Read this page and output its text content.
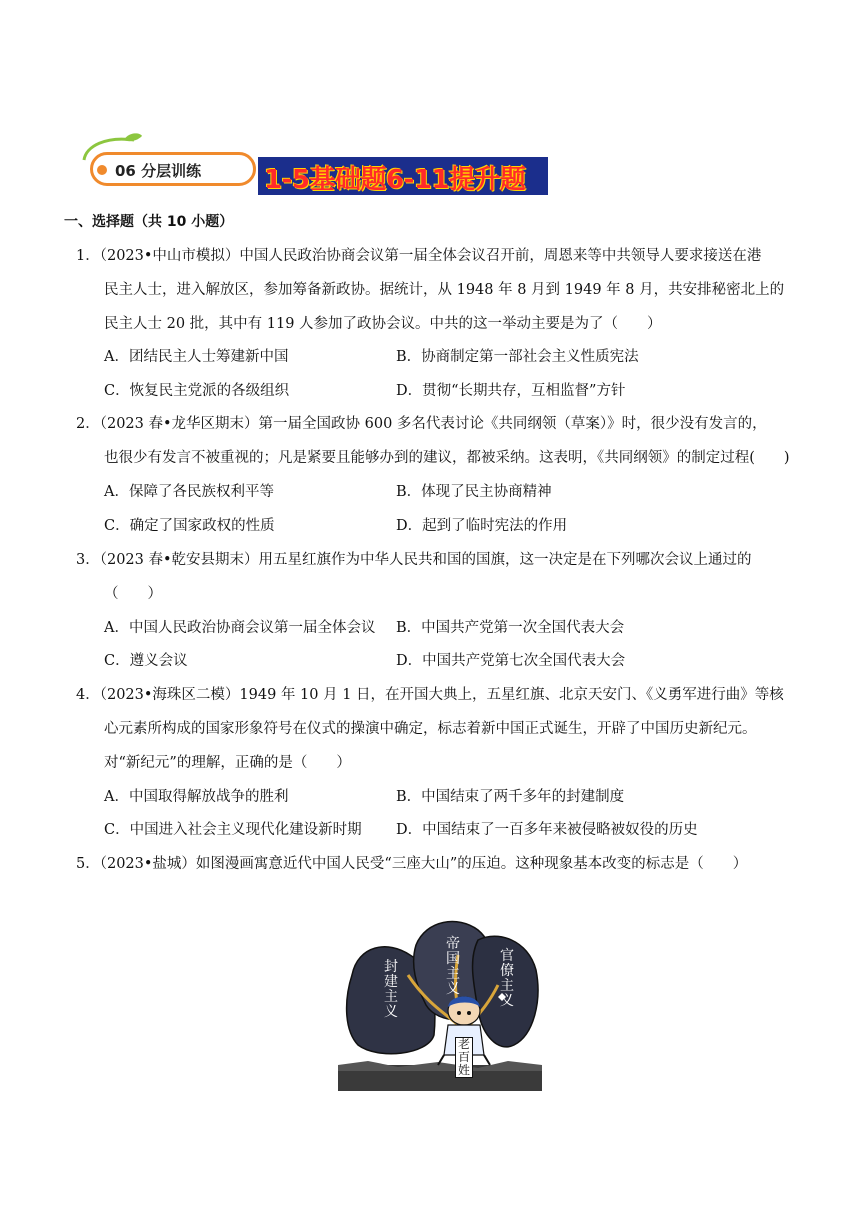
06 分层训练 1-5基础题6-11提升题
一、选择题（共 10 小题）
1．（2023•中山市模拟）中国人民政治协商会议第一届全体会议召开前，周恩来等中共领导人要求接送在港
民主人士，进入解放区，参加筹备新政协。据统计，从 1948 年 8 月到 1949 年 8 月，共安排秘密北上的
民主人士 20 批，其中有 119 人参加了政协会议。中共的这一举动主要是为了（　　）
A．团结民主人士筹建新中国	B．协商制定第一部社会主义性质宪法
C．恢复民主党派的各级组织	D．贯彻“长期共存，互相监督”方针
2．（2023 春•龙华区期末）第一届全国政协 600 多名代表讨论《共同纲领（草案）》时，很少没有发言的，
也很少有发言不被重视的；凡是紧要且能够办到的建议，都被采纳。这表明，《共同纲领》的制定过程(　　)
A．保障了各民族权利平等	B．体现了民主协商精神
C．确定了国家政权的性质	D．起到了临时宪法的作用
3．（2023 春•乾安县期末）用五星红旗作为中华人民共和国的国旗，这一决定是在下列哪次会议上通过的
（　　）
A．中国人民政治协商会议第一届全体会议 B．中国共产党第一次全国代表大会
C．遵义会议	D．中国共产党第七次全国代表大会
4．（2023•海珠区二模）1949 年 10 月 1 日，在开国大典上，五星红旗、北京天安门、《义勇军进行曲》等核
心元素所构成的国家形象符号在仪式的操演中确定，标志着新中国正式诞生，开辟了中国历史新纪元。
对“新纪元”的理解，正确的是（　　）
A．中国取得解放战争的胜利	B．中国结束了两千多年的封建制度
C．中国进入社会主义现代化建设新时期 D．中国结束了一百多年来被侵略被奴役的历史
5．（2023•盐城）如图漫画寓意近代中国人民受“三座大山”的压迫。这种现象基本改变的标志是（　　）
封建主义
帝国主义
官僚主义
老百姓
